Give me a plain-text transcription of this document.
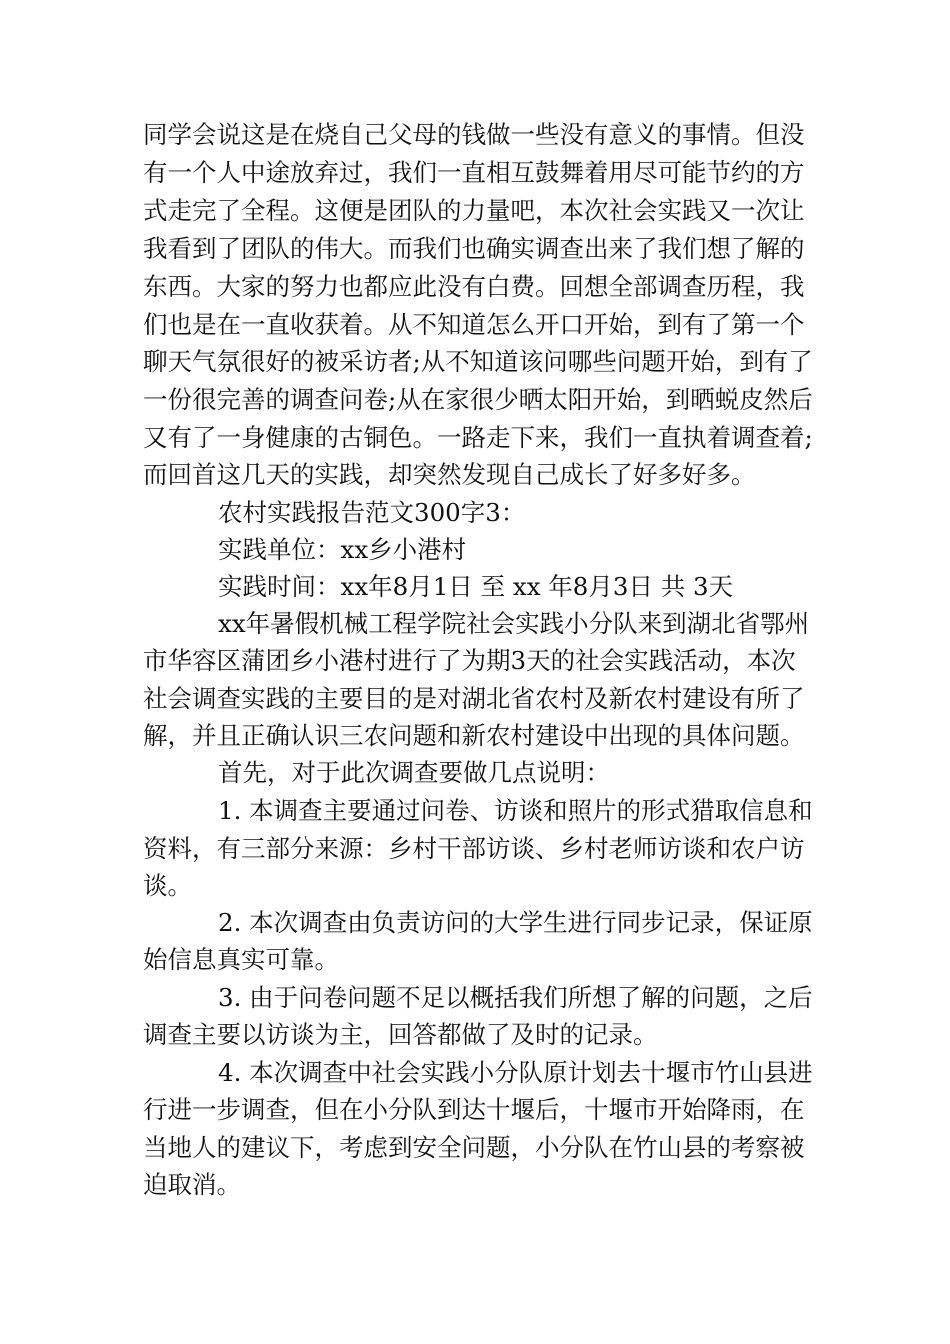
同学会说这是在烧自己父母的钱做一些没有意义的事情。但没
有一个人中途放弃过，我们一直相互鼓舞着用尽可能节约的方
式走完了全程。这便是团队的力量吧，本次社会实践又一次让
我看到了团队的伟大。而我们也确实调查出来了我们想了解的
东西。大家的努力也都应此没有白费。回想全部调查历程，我
们也是在一直收获着。从不知道怎么开口开始，到有了第一个
聊天气氛很好的被采访者;从不知道该问哪些问题开始，到有了
一份很完善的调查问卷;从在家很少晒太阳开始，到晒蜕皮然后
又有了一身健康的古铜色。一路走下来，我们一直执着调查着;
而回首这几天的实践，却突然发现自己成长了好多好多。
农村实践报告范文300字3：
实践单位：xx乡小港村
实践时间：xx年8月1日 至 xx 年8月3日 共 3天
xx年暑假机械工程学院社会实践小分队来到湖北省鄂州
市华容区蒲团乡小港村进行了为期3天的社会实践活动，本次
社会调查实践的主要目的是对湖北省农村及新农村建设有所了
解，并且正确认识三农问题和新农村建设中出现的具体问题。
首先，对于此次调查要做几点说明：
1. 本调查主要通过问卷、访谈和照片的形式猎取信息和
资料，有三部分来源：乡村干部访谈、乡村老师访谈和农户访
谈。
2. 本次调查由负责访问的大学生进行同步记录，保证原
始信息真实可靠。
3. 由于问卷问题不足以概括我们所想了解的问题，之后
调查主要以访谈为主，回答都做了及时的记录。
4. 本次调查中社会实践小分队原计划去十堰市竹山县进
行进一步调查，但在小分队到达十堰后，十堰市开始降雨，在
当地人的建议下，考虑到安全问题，小分队在竹山县的考察被
迫取消。
